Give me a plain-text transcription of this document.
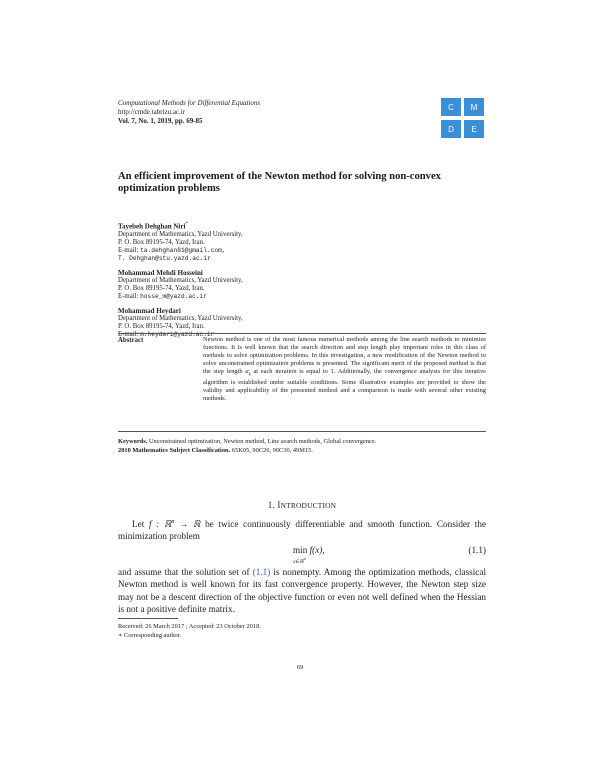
Computational Methods for Differential Equations
http://cmde.tabrizu.ac.ir
Vol. 7, No. 1, 2019, pp. 69-85
C	M
D	E
An efficient improvement of the Newton method for solving non-convex optimization problems
Tayebeh Dehghan Niri*
Department of Mathematics, Yazd University,
P. O. Box 89195-74, Yazd, Iran.
E-mail: ta.dehghan81@gmail.com,
T. Dehghan@stu.yazd.ac.ir
Mohammad Mehdi Hosseini
Department of Mathematics, Yazd University,
P. O. Box 89195-74, Yazd, Iran.
E-mail: hosse_m@yazd.ac.ir
Mohammad Heydari
Department of Mathematics, Yazd University,
P. O. Box 89195-74, Yazd, Iran.
E-mail: m.heydari@yazd.ac.ir
Abstract	Newton method is one of the most famous numerical methods among the line search methods to minimize functions. It is well known that the search direction and step length play important roles in this class of methods to solve optimization problems. In this investigation, a new modification of the Newton method to solve unconstrained optimization problems is presented. The significant merit of the proposed method is that the step length $\alpha_k$ at each iteration is equal to 1. Additionally, the convergence analysis for this iterative algorithm is established under suitable conditions. Some illustrative examples are provided to show the validity and applicability of the presented method and a comparison is made with several other existing methods.
Keywords. Unconstrained optimization, Newton method, Line search methods, Global convergence.
2010 Mathematics Subject Classification. 65K05, 90C26, 90C30, 49M15.
1. INTRODUCTION
Let f : ℝ$^n$ → ℝ be twice continuously differentiable and smooth function. Consider the minimization problem
min f(x),
x∈ℝ$^n$
(1.1)
and assume that the solution set of (1.1) is nonempty. Among the optimization methods, classical Newton method is well known for its fast convergence property. However, the Newton step size may not be a descent direction of the objective function or even not well defined when the Hessian is not a positive definite matrix.
Received: 26 March 2017 ; Accepted: 23 October 2018.
∗ Corresponding author.
69
